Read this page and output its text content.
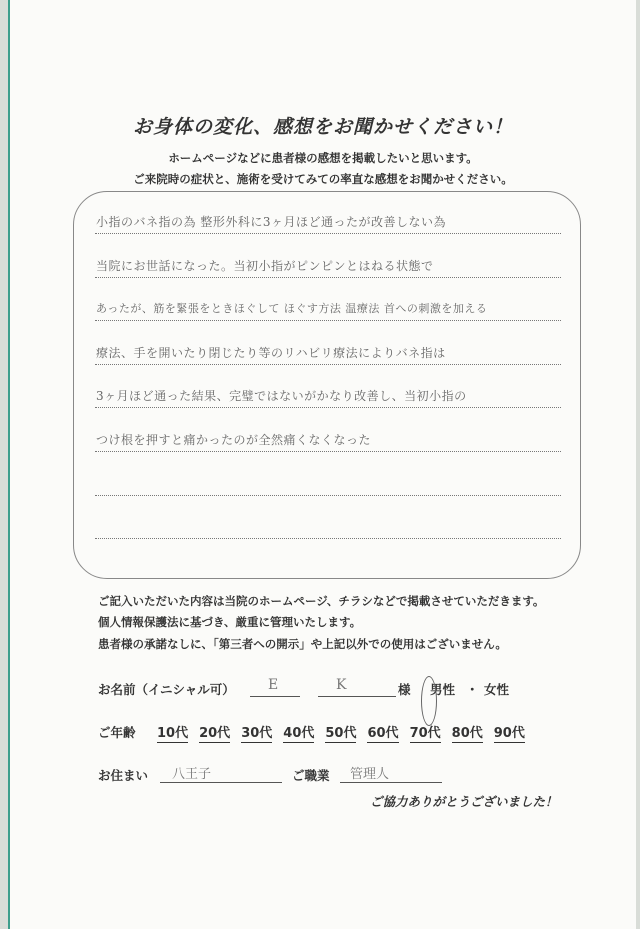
お身体の変化、感想をお聞かせください！
ホームページなどに患者様の感想を掲載したいと思います。
ご来院時の症状と、施術を受けてみての率直な感想をお聞かせください。
小指のバネ指の為 整形外科に3ヶ月ほど通ったが改善しない為
当院にお世話になった。当初小指がピンピンとはねる状態で
あったが、筋を緊張をときほぐして ほぐす方法 温療法 首への刺激を加える
療法、手を開いたり閉じたり等のリハビリ療法によりバネ指は
3ヶ月ほど通った結果、完璧ではないがかなり改善し、当初小指の
つけ根を押すと痛かったのが全然痛くなくなった
ご記入いただいた内容は当院のホームページ、チラシなどで掲載させていただきます。
個人情報保護法に基づき、厳重に管理いたします。
患者様の承諾なしに、「第三者への開示」や上記以外での使用はございません。
お名前（イニシャル可） E	K	様 男性 ・ 女性
ご年齢 10代 20代 30代 40代 50代 60代 70代 80代 90代
お住まい 八王子	ご職業 管理人
ご協力ありがとうございました！
